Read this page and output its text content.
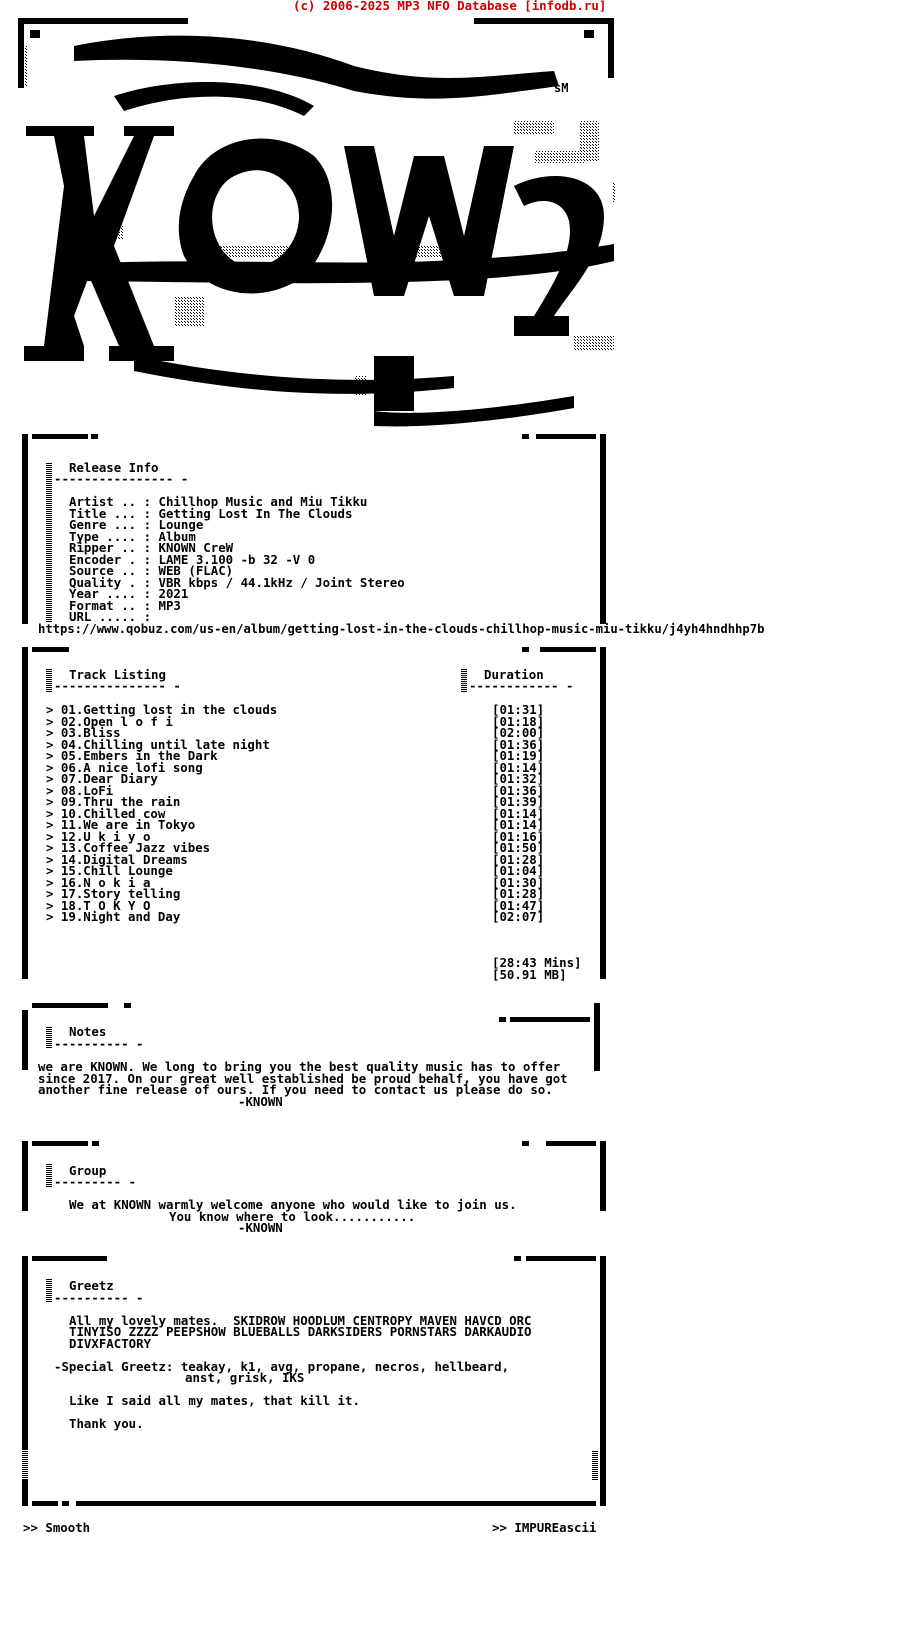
(c) 2006-2025 MP3 NFO Database [infodb.ru]
sM
Release Info
---------------- -
Artist .. : Chillhop Music and Miu Tikku
Title ... : Getting Lost In The Clouds
Genre ... : Lounge
Type .... : Album
Ripper .. : KNOWN CreW
Encoder . : LAME 3.100 -b 32 -V 0
Source .. : WEB (FLAC)
Quality . : VBR kbps / 44.1kHz / Joint Stereo
Year .... : 2021
Format .. : MP3
URL ..... :
https://www.qobuz.com/us-en/album/getting-lost-in-the-clouds-chillhop-music-miu-tikku/j4yh4hndhhp7b
Track Listing
--------------- -
Duration
------------ -
> 01.Getting lost in the clouds	[01:31]
> 02.Open l o f i	[01:18]
> 03.Bliss	[02:00]
> 04.Chilling until late night	[01:36]
> 05.Embers in the Dark	[01:19]
> 06.A nice lofi song	[01:14]
> 07.Dear Diary	[01:32]
> 08.LoFi	[01:36]
> 09.Thru the rain	[01:39]
> 10.Chilled cow	[01:14]
> 11.We are in Tokyo	[01:14]
> 12.U k i y o	[01:16]
> 13.Coffee Jazz vibes	[01:50]
> 14.Digital Dreams	[01:28]
> 15.Chill Lounge	[01:04]
> 16.N o k i a	[01:30]
> 17.Story telling	[01:28]
> 18.T O K Y O	[01:47]
> 19.Night and Day	[02:07]
[28:43 Mins]
[50.91 MB]
Notes
---------- -
we are KNOWN. We long to bring you the best quality music has to offer
since 2017. On our great well established be proud behalf, you have got
another fine release of ours. If you need to contact us please do so.
-KNOWN
Group
--------- -
We at KNOWN warmly welcome anyone who would like to join us.
You know where to look...........
-KNOWN
Greetz
---------- -
All my lovely mates.  SKIDROW HOODLUM CENTROPY MAVEN HAVCD ORC
TINYISO ZZZZ PEEPSHOW BLUEBALLS DARKSIDERS PORNSTARS DARKAUDIO
DIVXFACTORY
-Special Greetz: teakay, k1, avg, propane, necros, hellbeard,
anst, grisk, IKS
Like I said all my mates, that kill it.
Thank you.
>> Smooth	>> IMPUREascii
